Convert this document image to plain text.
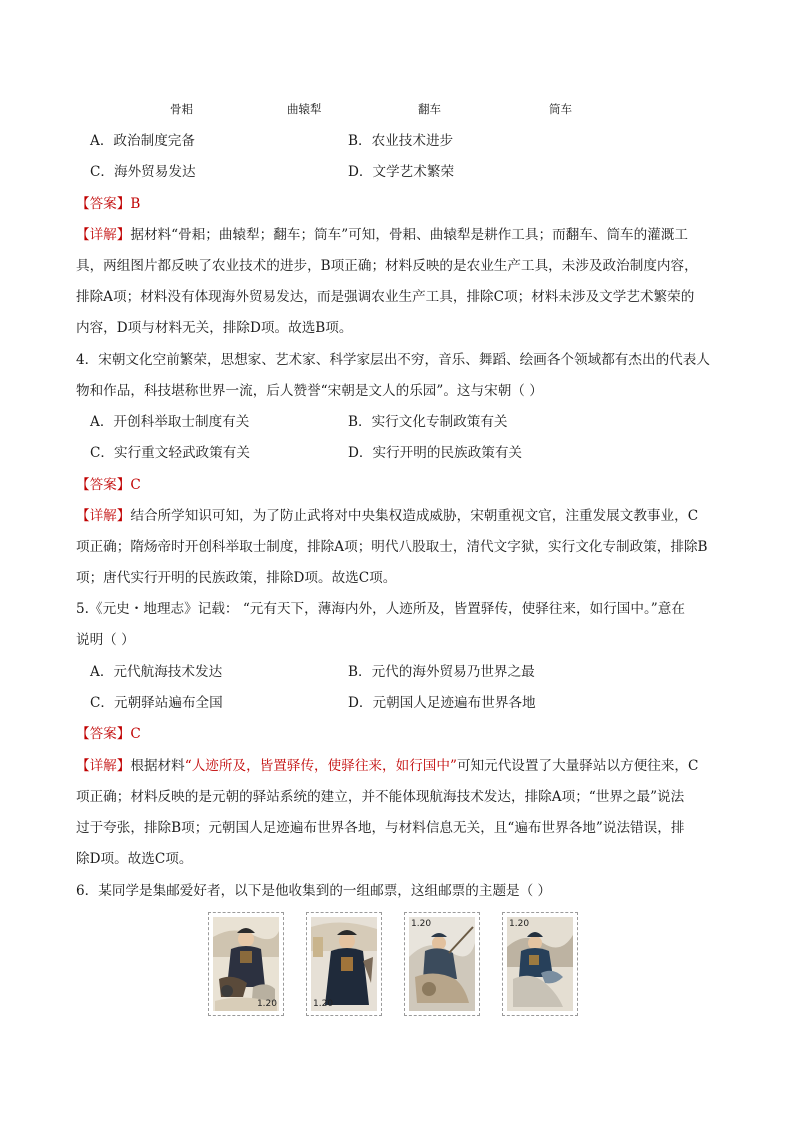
骨耜	曲辕犁	翻车	筒车
A．政治制度完备	B．农业技术进步
C．海外贸易发达	D．文学艺术繁荣
【答案】B
【详解】据材料“骨耜；曲辕犁；翻车；筒车”可知，骨耜、曲辕犁是耕作工具；而翻车、筒车的灌溉工
具，两组图片都反映了农业技术的进步，B项正确；材料反映的是农业生产工具，未涉及政治制度内容，
排除A项；材料没有体现海外贸易发达，而是强调农业生产工具，排除C项；材料未涉及文学艺术繁荣的
内容，D项与材料无关，排除D项。故选B项。
4．宋朝文化空前繁荣，思想家、艺术家、科学家层出不穷，音乐、舞蹈、绘画各个领域都有杰出的代表人
物和作品，科技堪称世界一流，后人赞誉“宋朝是文人的乐园”。这与宋朝（ ）
A．开创科举取士制度有关	B．实行文化专制政策有关
C．实行重文轻武政策有关	D．实行开明的民族政策有关
【答案】C
【详解】结合所学知识可知，为了防止武将对中央集权造成威胁，宋朝重视文官，注重发展文教事业，C
项正确；隋炀帝时开创科举取士制度，排除A项；明代八股取士，清代文字狱，实行文化专制政策，排除B
项；唐代实行开明的民族政策，排除D项。故选C项。
5.《元史・地理志》记载： “元有天下，薄海内外，人迹所及，皆置驿传，使驿往来，如行国中。”意在
说明（ ）
A．元代航海技术发达	B．元代的海外贸易乃世界之最
C．元朝驿站遍布全国	D．元朝国人足迹遍布世界各地
【答案】C
【详解】根据材料“人迹所及，皆置驿传，使驿往来，如行国中”可知元代设置了大量驿站以方便往来，C
项正确；材料反映的是元朝的驿站系统的建立，并不能体现航海技术发达，排除A项；“世界之最”说法
过于夸张，排除B项；元朝国人足迹遍布世界各地，与材料信息无关，且“遍布世界各地”说法错误，排
除D项。故选C项。
6．某同学是集邮爱好者，以下是他收集到的一组邮票，这组邮票的主题是（ ）
1.20	1.20
1.20	1.20
